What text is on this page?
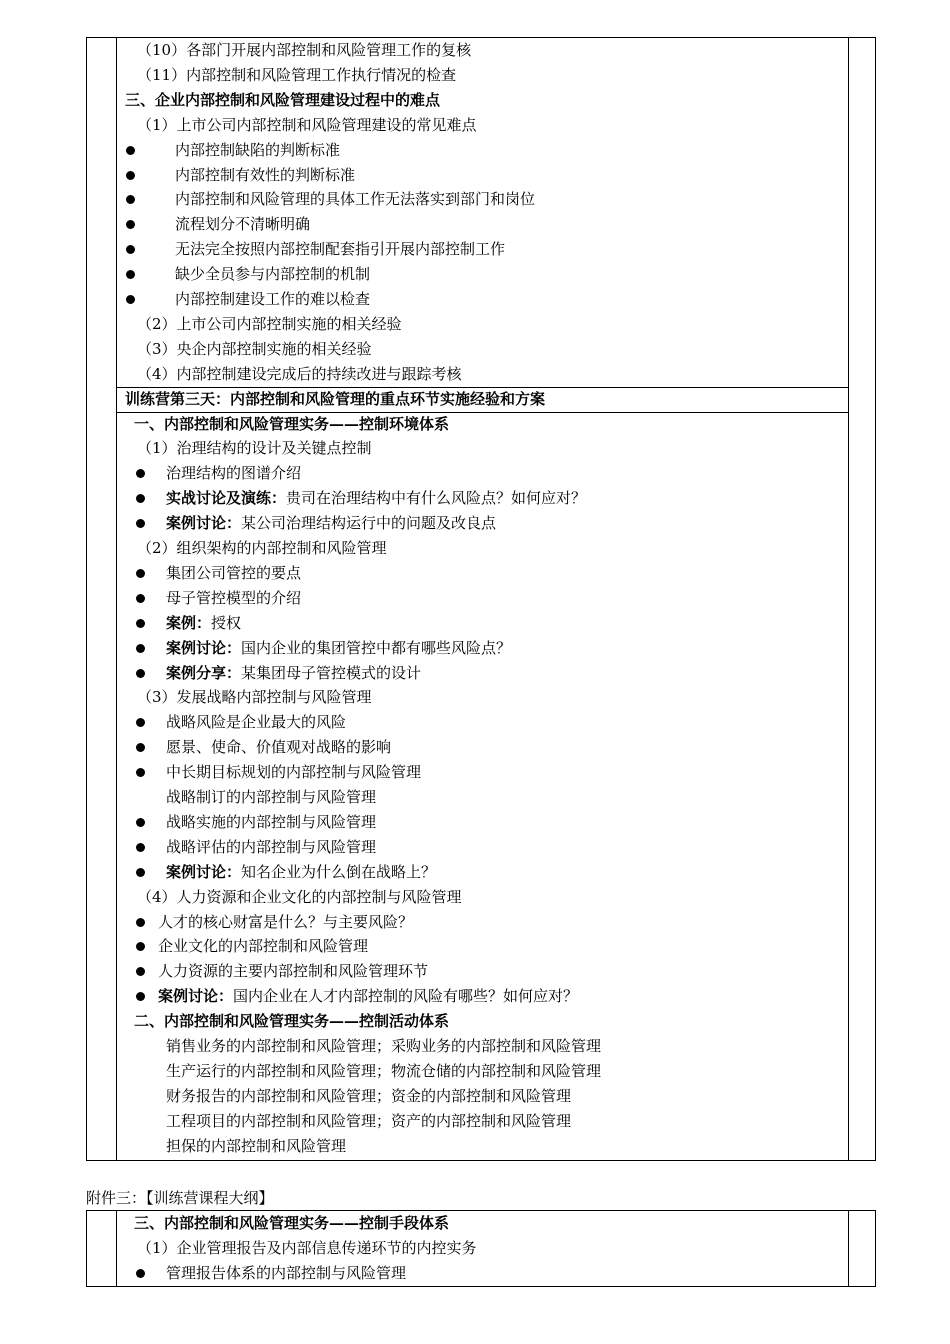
附件三：【训练营课程大纲】
（10）各部门开展内部控制和风险管理工作的复核
（11）内部控制和风险管理工作执行情况的检查
三、企业内部控制和风险管理建设过程中的难点
（1）上市公司内部控制和风险管理建设的常见难点
内部控制缺陷的判断标准
内部控制有效性的判断标准
内部控制和风险管理的具体工作无法落实到部门和岗位
流程划分不清晰明确
无法完全按照内部控制配套指引开展内部控制工作
缺少全员参与内部控制的机制
内部控制建设工作的难以检查
（2）上市公司内部控制实施的相关经验
（3）央企内部控制实施的相关经验
（4）内部控制建设完成后的持续改进与跟踪考核
训练营第三天：内部控制和风险管理的重点环节实施经验和方案
一、内部控制和风险管理实务——控制环境体系
（1）治理结构的设计及关键点控制
治理结构的图谱介绍
实战讨论及演练：贵司在治理结构中有什么风险点？如何应对？
案例讨论：某公司治理结构运行中的问题及改良点
（2）组织架构的内部控制和风险管理
集团公司管控的要点
母子管控模型的介绍
案例：授权
案例讨论：国内企业的集团管控中都有哪些风险点？
案例分享：某集团母子管控模式的设计
（3）发展战略内部控制与风险管理
战略风险是企业最大的风险
愿景、使命、价值观对战略的影响
中长期目标规划的内部控制与风险管理
战略制订的内部控制与风险管理
战略实施的内部控制与风险管理
战略评估的内部控制与风险管理
案例讨论：知名企业为什么倒在战略上？
（4）人力资源和企业文化的内部控制与风险管理
人才的核心财富是什么？与主要风险？
企业文化的内部控制和风险管理
人力资源的主要内部控制和风险管理环节
案例讨论：国内企业在人才内部控制的风险有哪些？如何应对？
二、内部控制和风险管理实务——控制活动体系
销售业务的内部控制和风险管理；采购业务的内部控制和风险管理
生产运行的内部控制和风险管理；物流仓储的内部控制和风险管理
财务报告的内部控制和风险管理；资金的内部控制和风险管理
工程项目的内部控制和风险管理；资产的内部控制和风险管理
担保的内部控制和风险管理
三、内部控制和风险管理实务——控制手段体系
（1）企业管理报告及内部信息传递环节的内控实务
管理报告体系的内部控制与风险管理
